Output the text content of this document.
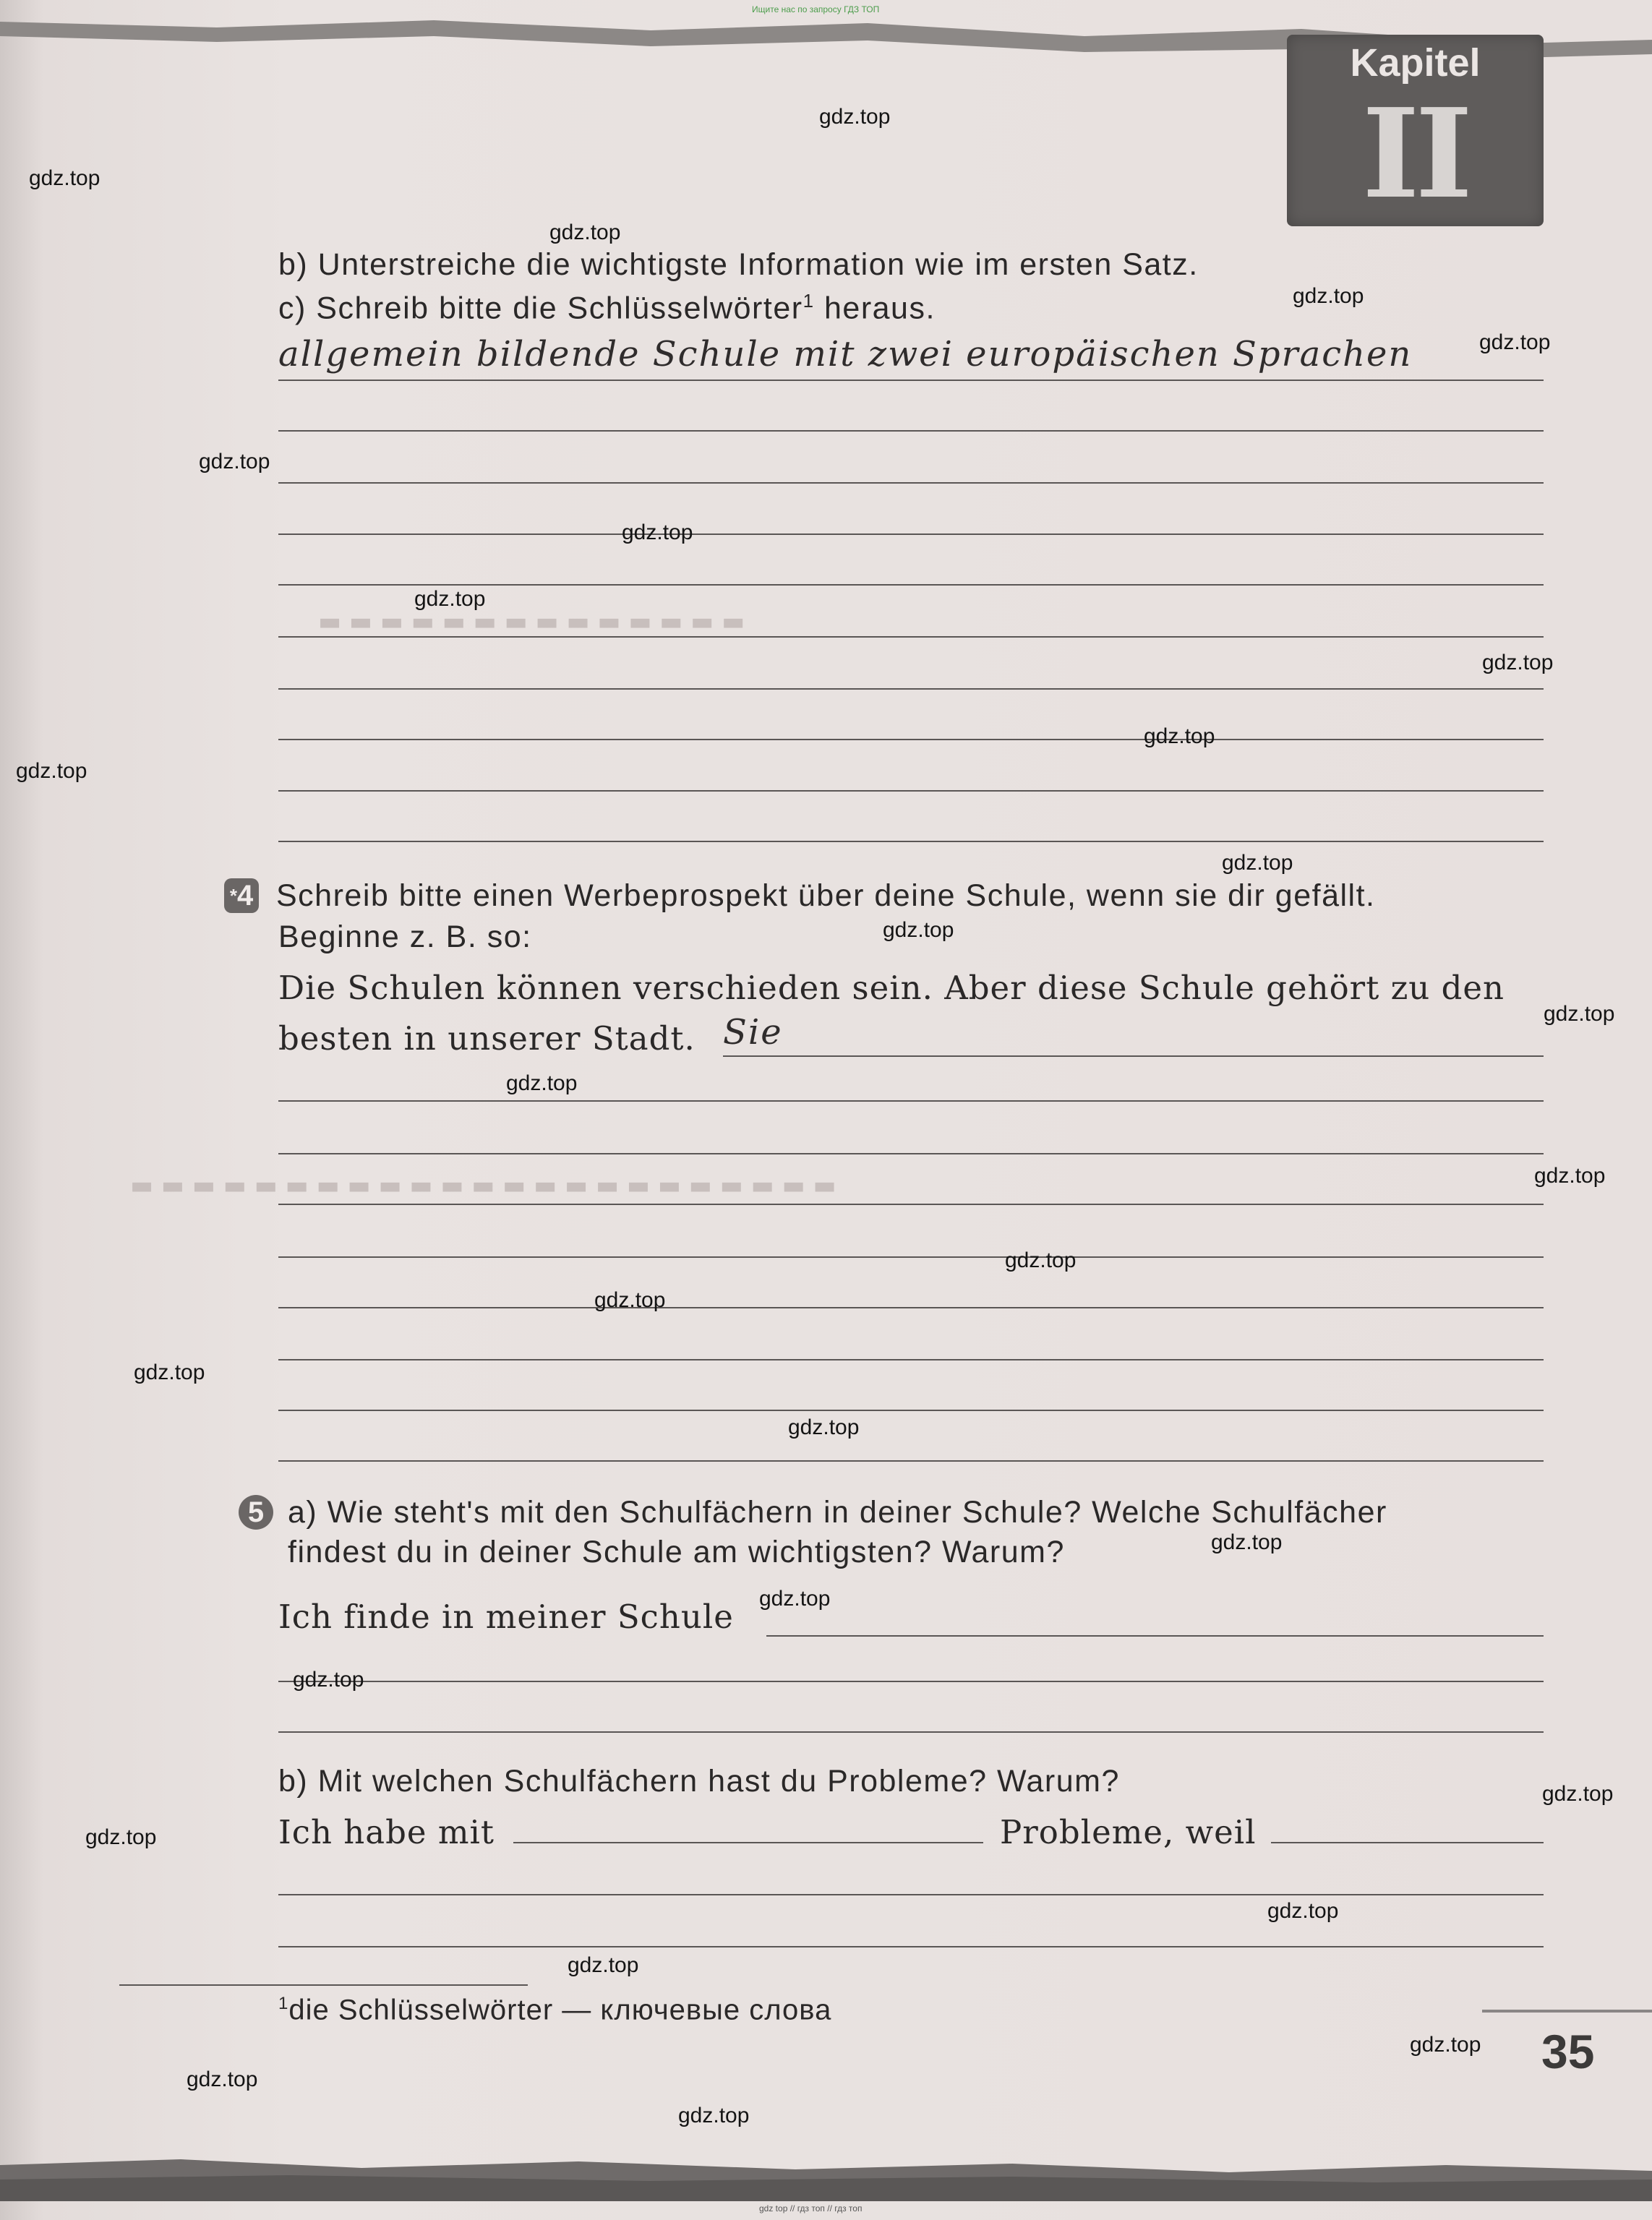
Ищите нас по запросу ГДЗ ТОП
Kapitel
II
▬ ▬ ▬ ▬ ▬ ▬ ▬ ▬ ▬ ▬ ▬ ▬ ▬ ▬
▬ ▬ ▬ ▬ ▬ ▬ ▬ ▬ ▬ ▬ ▬ ▬ ▬ ▬ ▬ ▬ ▬ ▬ ▬ ▬ ▬ ▬ ▬
b) Unterstreiche die wichtigste Information wie im ersten Satz.
c) Schreib bitte die Schlüsselwörter$^1$ heraus.
allgemein bildende Schule mit zwei europäischen Sprachen
*4 Schreib bitte einen Werbeprospekt über deine Schule, wenn sie dir gefällt.
Beginne z. B. so:
Die Schulen können verschieden sein. Aber diese Schule gehört zu den
besten in unserer Stadt. Sie
5 a) Wie steht's mit den Schulfächern in deiner Schule? Welche Schulfächer
findest du in deiner Schule am wichtigsten? Warum?
Ich finde in meiner Schule
b) Mit welchen Schulfächern hast du Probleme? Warum?
Ich habe mit	Probleme, weil
$^1$die Schlüsselwörter — ключевые слова
35
gdz top // гдз топ // гдз топ
gdz.top
gdz.top
gdz.top
gdz.top
gdz.top
gdz.top
gdz.top
gdz.top
gdz.top
gdz.top
gdz.top
gdz.top
gdz.top
gdz.top
gdz.top
gdz.top
gdz.top
gdz.top
gdz.top
gdz.top
gdz.top
gdz.top
gdz.top
gdz.top
gdz.top
gdz.top
gdz.top
gdz.top
gdz.top
gdz.top
